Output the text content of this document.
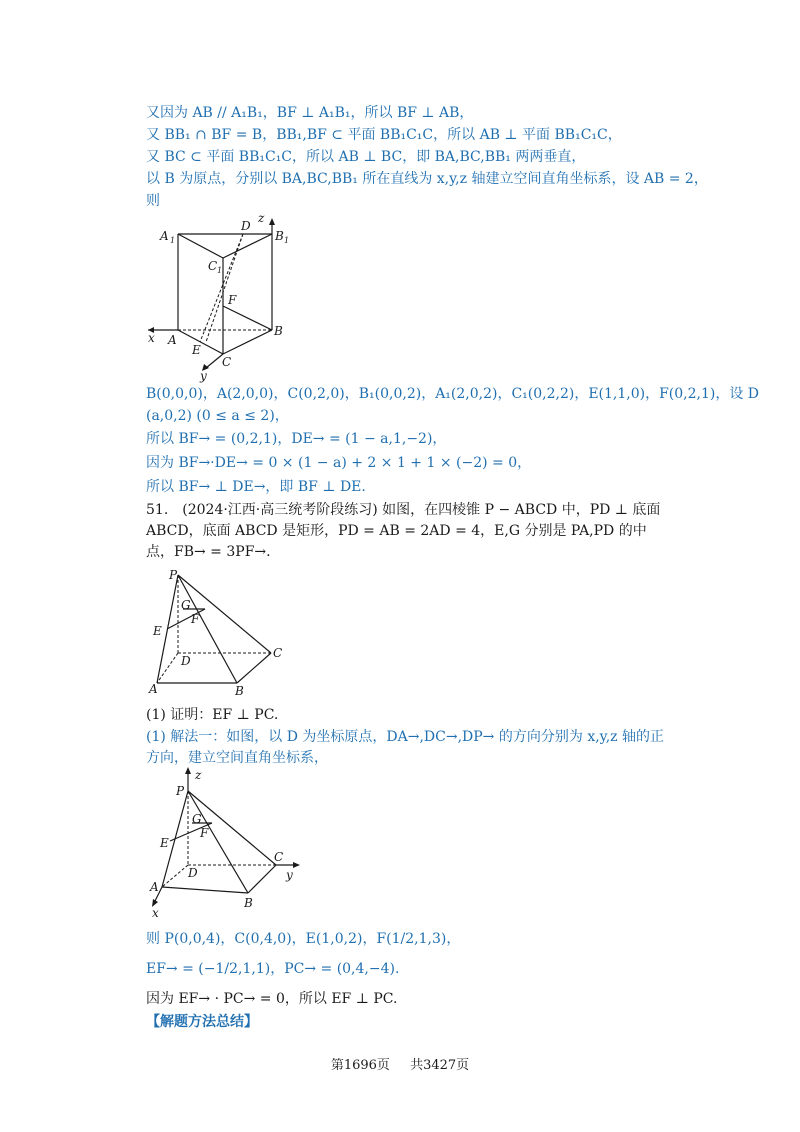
又因为 AB // A₁B₁，BF ⊥ A₁B₁，所以 BF ⊥ AB，

又 BB₁ ∩ BF = B，BB₁,BF ⊂ 平面 BB₁C₁C，所以 AB ⊥ 平面 BB₁C₁C，

又 BC ⊂ 平面 BB₁C₁C，所以 AB ⊥ BC，即 BA,BC,BB₁ 两两垂直，

以 B 为原点，分别以 BA,BC,BB₁ 所在直线为 x,y,z 轴建立空间直角坐标系，设 AB = 2，

则

A 1
D
B 1
z
C 1
F
x A
E
B
C
y

B(0,0,0)，A(2,0,0)，C(0,2,0)，B₁(0,0,2)，A₁(2,0,2)，C₁(0,2,2)，E(1,1,0)，F(0,2,1)，设 D

(a,0,2) (0 ≤ a ≤ 2)，

所以 BF→ = (0,2,1)，DE→ = (1 − a,1,−2)，

因为 BF→·DE→ = 0 × (1 − a) + 2 × 1 + 1 × (−2) = 0，

所以 BF→ ⊥ DE→，即 BF ⊥ DE.

51.　(2024·江西·高三统考阶段练习) 如图，在四棱锥 P − ABCD 中，PD ⊥ 底面 ABCD，底面 ABCD 是矩形，PD = AB = 2AD = 4，E,G 分别是 PA,PD 的中点，FB→ = 3PF→.

P
G
E
F
D
C
A	B

(1) 证明：EF ⊥ PC.

(1) 解法一：如图，以 D 为坐标原点，DA→,DC→,DP→ 的方向分别为 x,y,z 轴的正方向，建立空间直角坐标系，

z
P
G
E
F
D
C
y
A
B
x

则 P(0,0,4)，C(0,4,0)，E(1,0,2)，F(1/2,1,3)，

EF→ = (−1/2,1,1)，PC→ = (0,4,−4).

因为 EF→ · PC→ = 0，所以 EF ⊥ PC.

【解题方法总结】

第1696页 共3427页
